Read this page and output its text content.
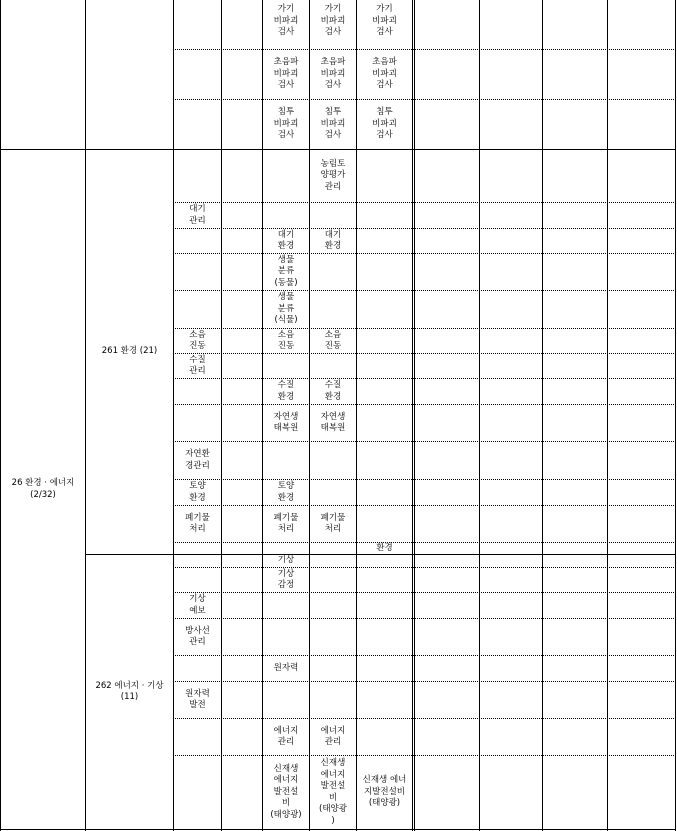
26 환경 · 에너지
(2/32)
261 환경 (21)
262 에너지 · 기상
(11)
가기
비파괴
검사
가기
비파괴
검사
가기
비파괴
검사
초음파
비파괴
검사
초음파
비파괴
검사
초음파
비파괴
검사
침투
비파괴
검사
침투
비파괴
검사
침투
비파괴
검사
농림토
양평가
관리
대기
관리
대기
환경
대기
환경
생물
분류
(동물)
생물
분류
(식물)
소음
진동
소음
진동
소음
진동
수질
관리
수질
환경
수질
환경
자연생
태복원
자연생
태복원
자연환
경관리
토양
환경
토양
환경
폐기물
처리
폐기물
처리
폐기물
처리
환경
기상
기상
감정
기상
예보
방사선
관리
원자력
원자력
발전
에너지
관리
에너지
관리
신재생
에너지
발전설
비
(태양광)
신재생
에너지
발전설
비
(태양광
)
신재생 에너
지발전설비
(태양광)
